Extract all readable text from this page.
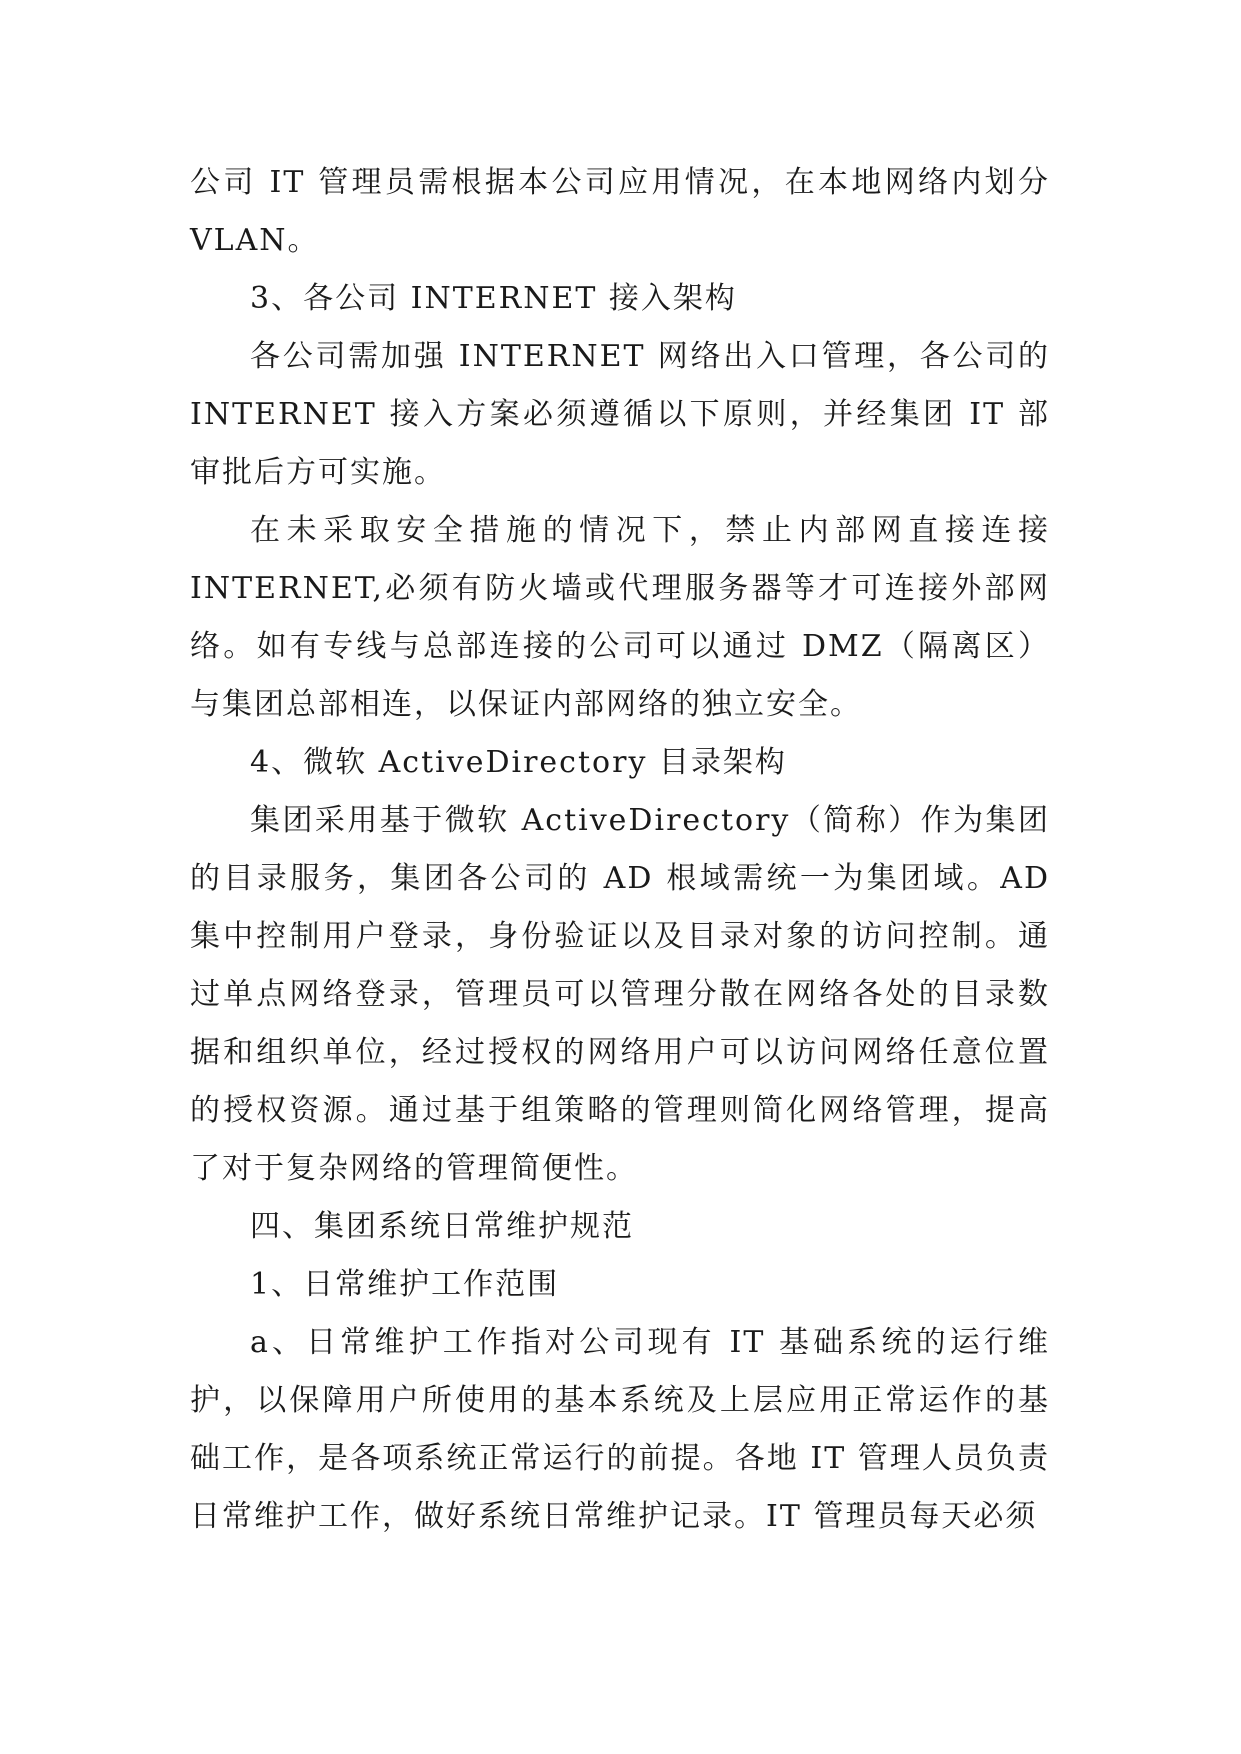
公司 IT 管理员需根据本公司应用情况，在本地网络内划分 VLAN。

3、各公司 INTERNET 接入架构

各公司需加强 INTERNET 网络出入口管理，各公司的 INTERNET 接入方案必须遵循以下原则，并经集团 IT 部审批后方可实施。

在未采取安全措施的情况下，禁止内部网直接连接 INTERNET,必须有防火墙或代理服务器等才可连接外部网络。如有专线与总部连接的公司可以通过 DMZ（隔离区）与集团总部相连，以保证内部网络的独立安全。

4、微软 ActiveDirectory 目录架构

集团采用基于微软 ActiveDirectory（简称）作为集团的目录服务，集团各公司的 AD 根域需统一为集团域。AD 集中控制用户登录，身份验证以及目录对象的访问控制。通过单点网络登录，管理员可以管理分散在网络各处的目录数据和组织单位，经过授权的网络用户可以访问网络任意位置的授权资源。通过基于组策略的管理则简化网络管理，提高了对于复杂网络的管理简便性。

四、集团系统日常维护规范

1、日常维护工作范围

a、日常维护工作指对公司现有 IT 基础系统的运行维护，以保障用户所使用的基本系统及上层应用正常运作的基础工作，是各项系统正常运行的前提。各地 IT 管理人员负责日常维护工作，做好系统日常维护记录。IT 管理员每天必须
